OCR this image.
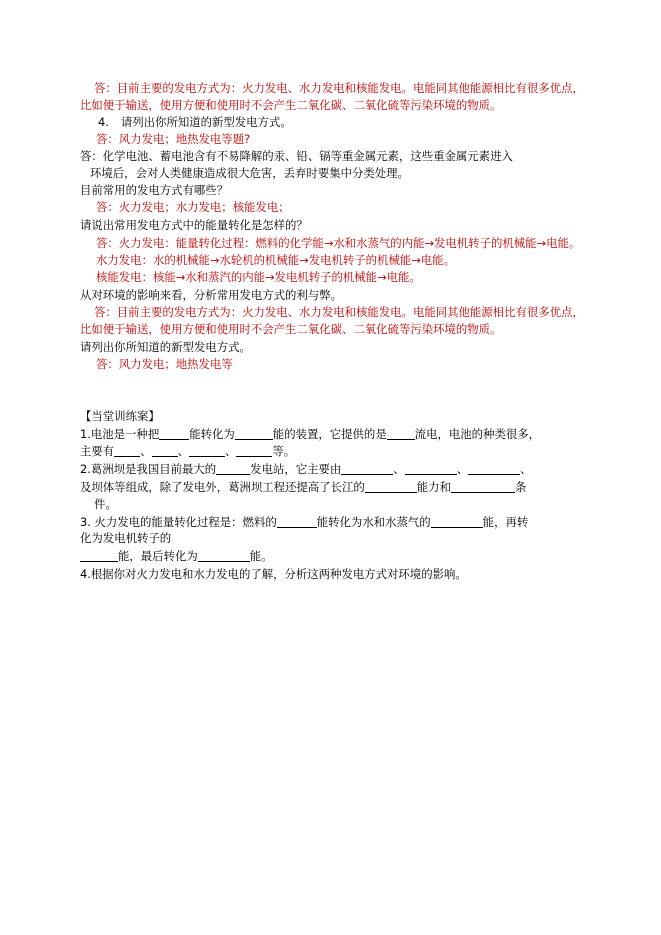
答：目前主要的发电方式为：火力发电、水力发电和核能发电。电能同其他能源相比有很多优点，
比如便于输送，使用方便和使用时不会产生二氧化碳、二氧化硫等污染环境的物质。
4. 请列出你所知道的新型发电方式。
答：风力发电；地热发电等题?
答：化学电池、蓄电池含有不易降解的汞、铅、镉等重金属元素，这些重金属元素进入
环境后，会对人类健康造成很大危害，丢弃时要集中分类处理。
目前常用的发电方式有哪些？
答：火力发电；水力发电；核能发电；
请说出常用发电方式中的能量转化是怎样的？
答：火力发电：能量转化过程：燃料的化学能→水和水蒸气的内能→发电机转子的机械能→电能。
水力发电：水的机械能→水轮机的机械能→发电机转子的机械能→电能。
核能发电：核能→水和蒸汽的内能→发电机转子的机械能→电能。
从对环境的影响来看，分析常用发电方式的利与弊。
答：目前主要的发电方式为：火力发电、水力发电和核能发电。电能同其他能源相比有很多优点，
比如便于输送，使用方便和使用时不会产生二氧化碳、二氧化硫等污染环境的物质。
请列出你所知道的新型发电方式。
答：风力发电；地热发电等
【当堂训练案】
1.电池是一种把	能转化为	能的装置，它提供的是 流电，电池的种类很多，
主要有 、 、	、	等。
2.葛洲坝是我国目前最大的	发电站，它主要由	、	、	、
及坝体等组成，除了发电外，葛洲坝工程还提高了长江的	能力和	条
件。
3. 火力发电的能量转化过程是：燃料的	能转化为水和水蒸气的	能，再转
化为发电机转子的
能，最后转化为	能。
4.根据你对火力发电和水力发电的了解，分析这两种发电方式对环境的影响。
